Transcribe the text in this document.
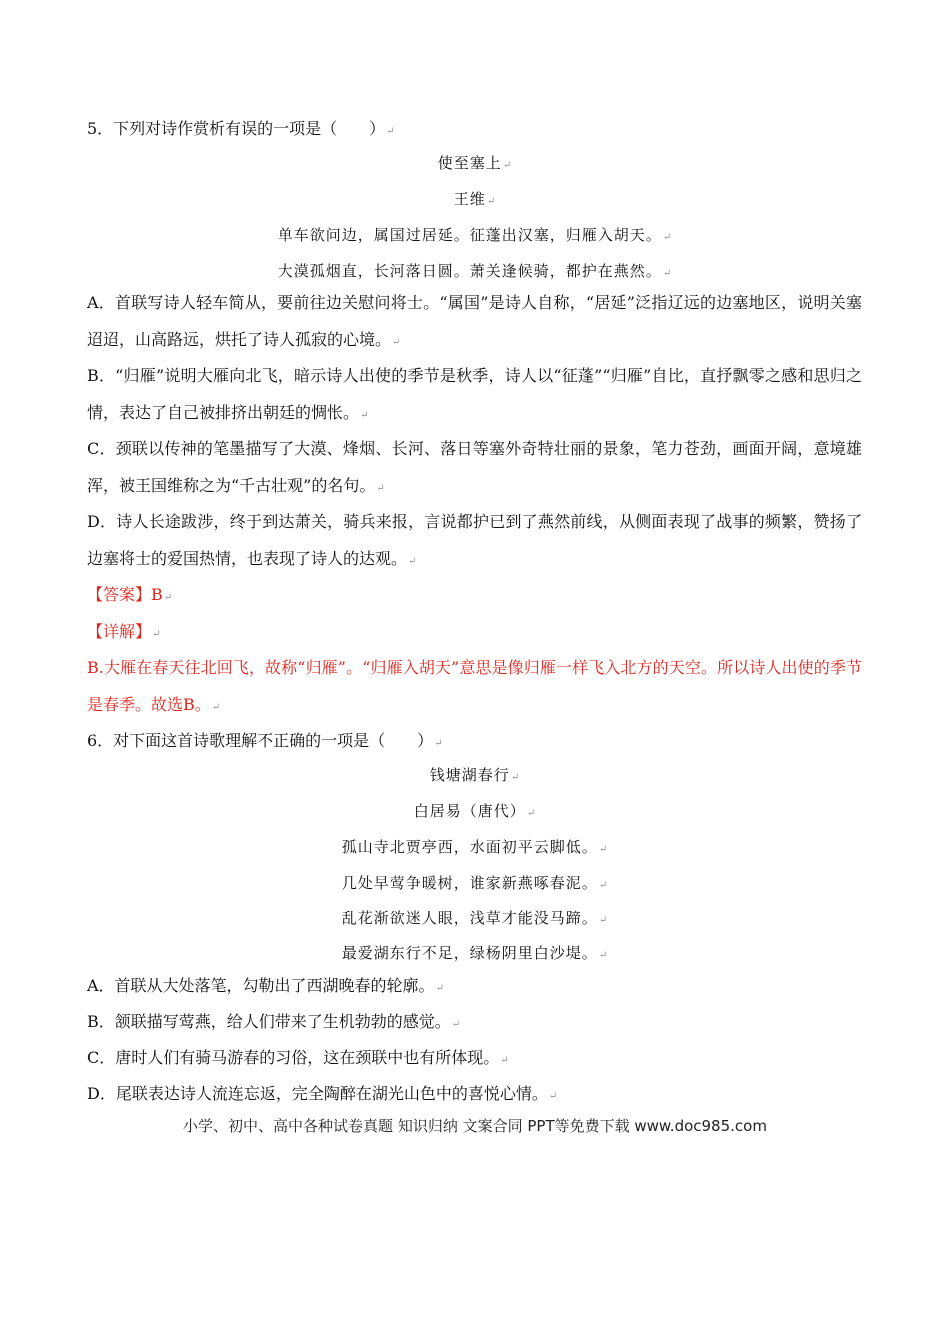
5．下列对诗作赏析有误的一项是（　　）↵
使至塞上↵
王维↵
单车欲问边，属国过居延。征蓬出汉塞，归雁入胡天。↵
大漠孤烟直，长河落日圆。萧关逢候骑，都护在燕然。↵
A．首联写诗人轻车简从，要前往边关慰问将士。“属国”是诗人自称，“居延”泛指辽远的边塞地区，说明关塞迢迢，山高路远，烘托了诗人孤寂的心境。↵
B．“归雁”说明大雁向北飞，暗示诗人出使的季节是秋季，诗人以“征蓬”“归雁”自比，直抒飘零之感和思归之情，表达了自己被排挤出朝廷的惆怅。↵
C．颈联以传神的笔墨描写了大漠、烽烟、长河、落日等塞外奇特壮丽的景象，笔力苍劲，画面开阔，意境雄浑，被王国维称之为“千古壮观”的名句。↵
D．诗人长途跋涉，终于到达萧关，骑兵来报，言说都护已到了燕然前线，从侧面表现了战事的频繁，赞扬了边塞将士的爱国热情，也表现了诗人的达观。↵
【答案】B↵
【详解】↵
B.大雁在春天往北回飞，故称“归雁”。“归雁入胡天”意思是像归雁一样飞入北方的天空。所以诗人出使的季节是春季。故选B。↵
6．对下面这首诗歌理解不正确的一项是（　　）↵
钱塘湖春行↵
白居易（唐代）↵
孤山寺北贾亭西，水面初平云脚低。↵
几处早莺争暖树，谁家新燕啄春泥。↵
乱花渐欲迷人眼，浅草才能没马蹄。↵
最爱湖东行不足，绿杨阴里白沙堤。↵
A．首联从大处落笔，勾勒出了西湖晚春的轮廓。↵
B．颔联描写莺燕，给人们带来了生机勃勃的感觉。↵
C．唐时人们有骑马游春的习俗，这在颈联中也有所体现。↵
D．尾联表达诗人流连忘返，完全陶醉在湖光山色中的喜悦心情。↵
小学、初中、高中各种试卷真题 知识归纳 文案合同 PPT等免费下载 www.doc985.com
